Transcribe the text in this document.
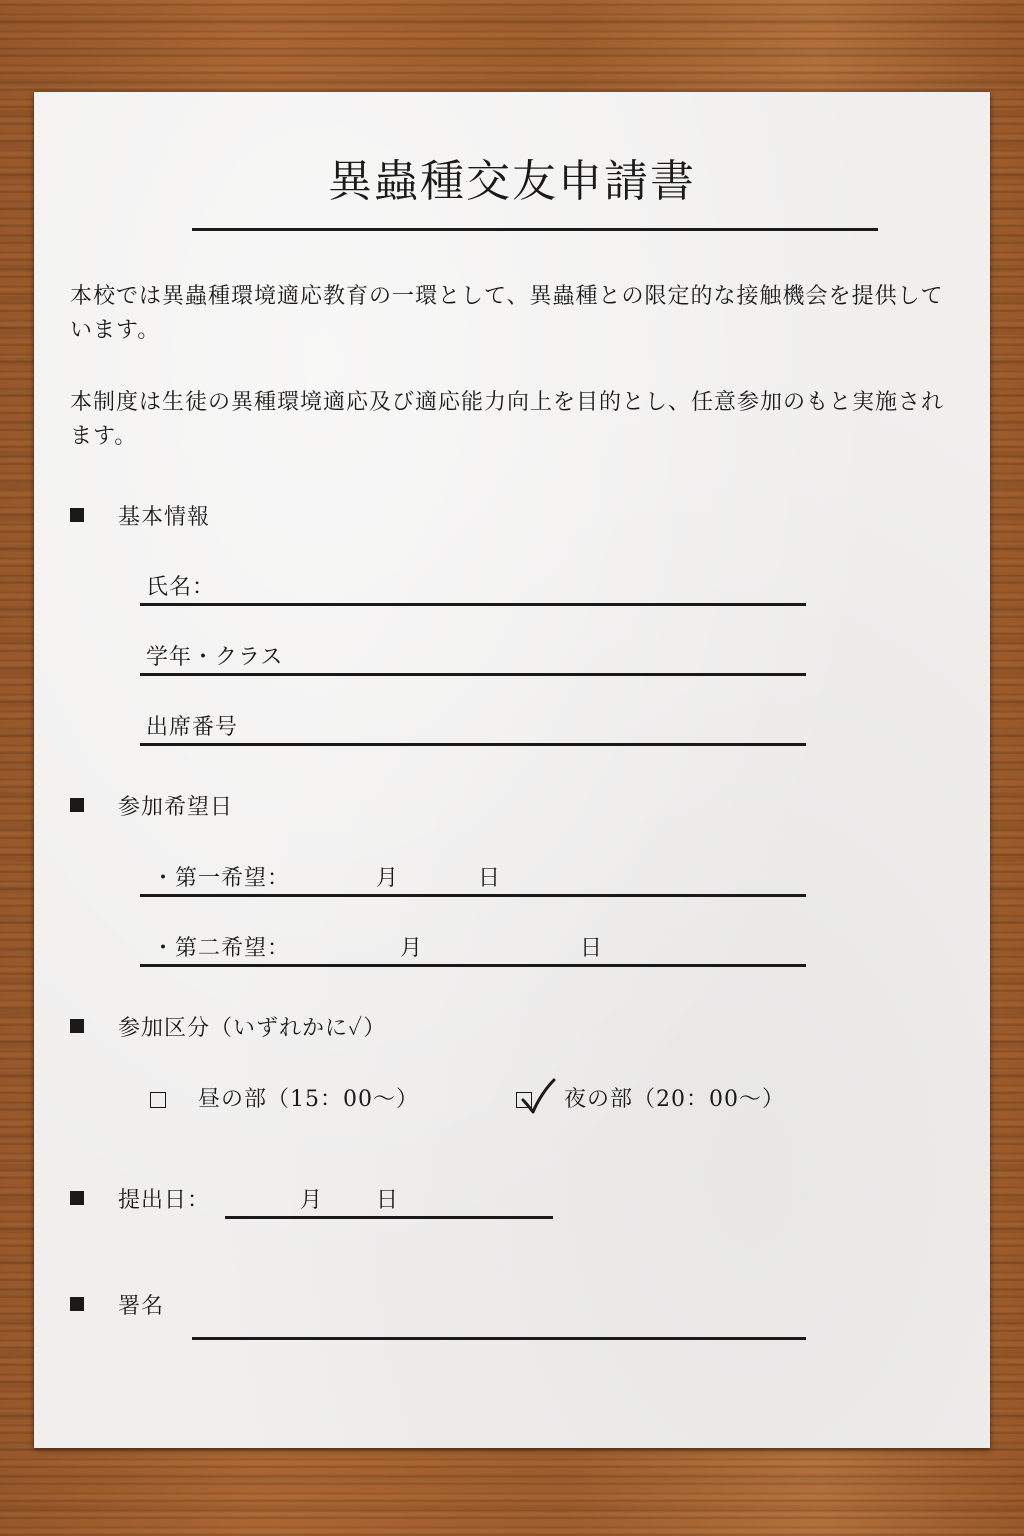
異蟲種交友申請書
本校では異蟲種環境適応教育の一環として、異蟲種との限定的な接触機会を提供しています。
本制度は生徒の異種環境適応及び適応能力向上を目的とし、任意参加のもと実施されます。
基本情報
氏名：
学年・クラス
出席番号
参加希望日
・第一希望：	月	日
・第二希望：	月	日
参加区分（いずれかに✓）
昼の部（15：00〜）	夜の部（20：00〜）
提出日：	月 日
署名
